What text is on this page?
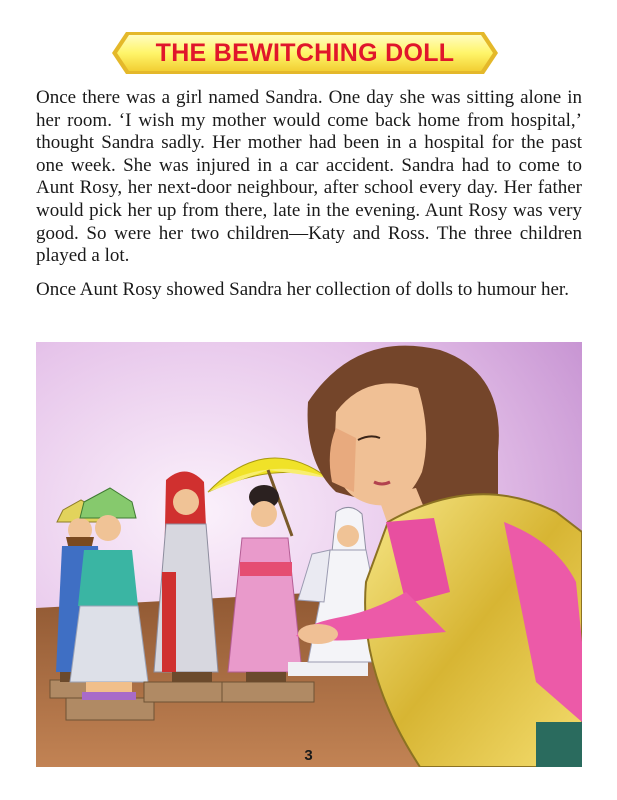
THE BEWITCHING DOLL

Once there was a girl named Sandra. One day she was sitting alone in her room. ‘I wish my mother would come back home from hospital,’ thought Sandra sadly. Her mother had been in a hospital for the past one week. She was injured in a car accident. Sandra had to come to Aunt Rosy, her next-door neighbour, after school every day. Her father would pick her up from there, late in the evening. Aunt Rosy was very good. So were her two children—Katy and Ross. The three children played a lot.

Once Aunt Rosy showed Sandra her collection of dolls to humour her.

3
